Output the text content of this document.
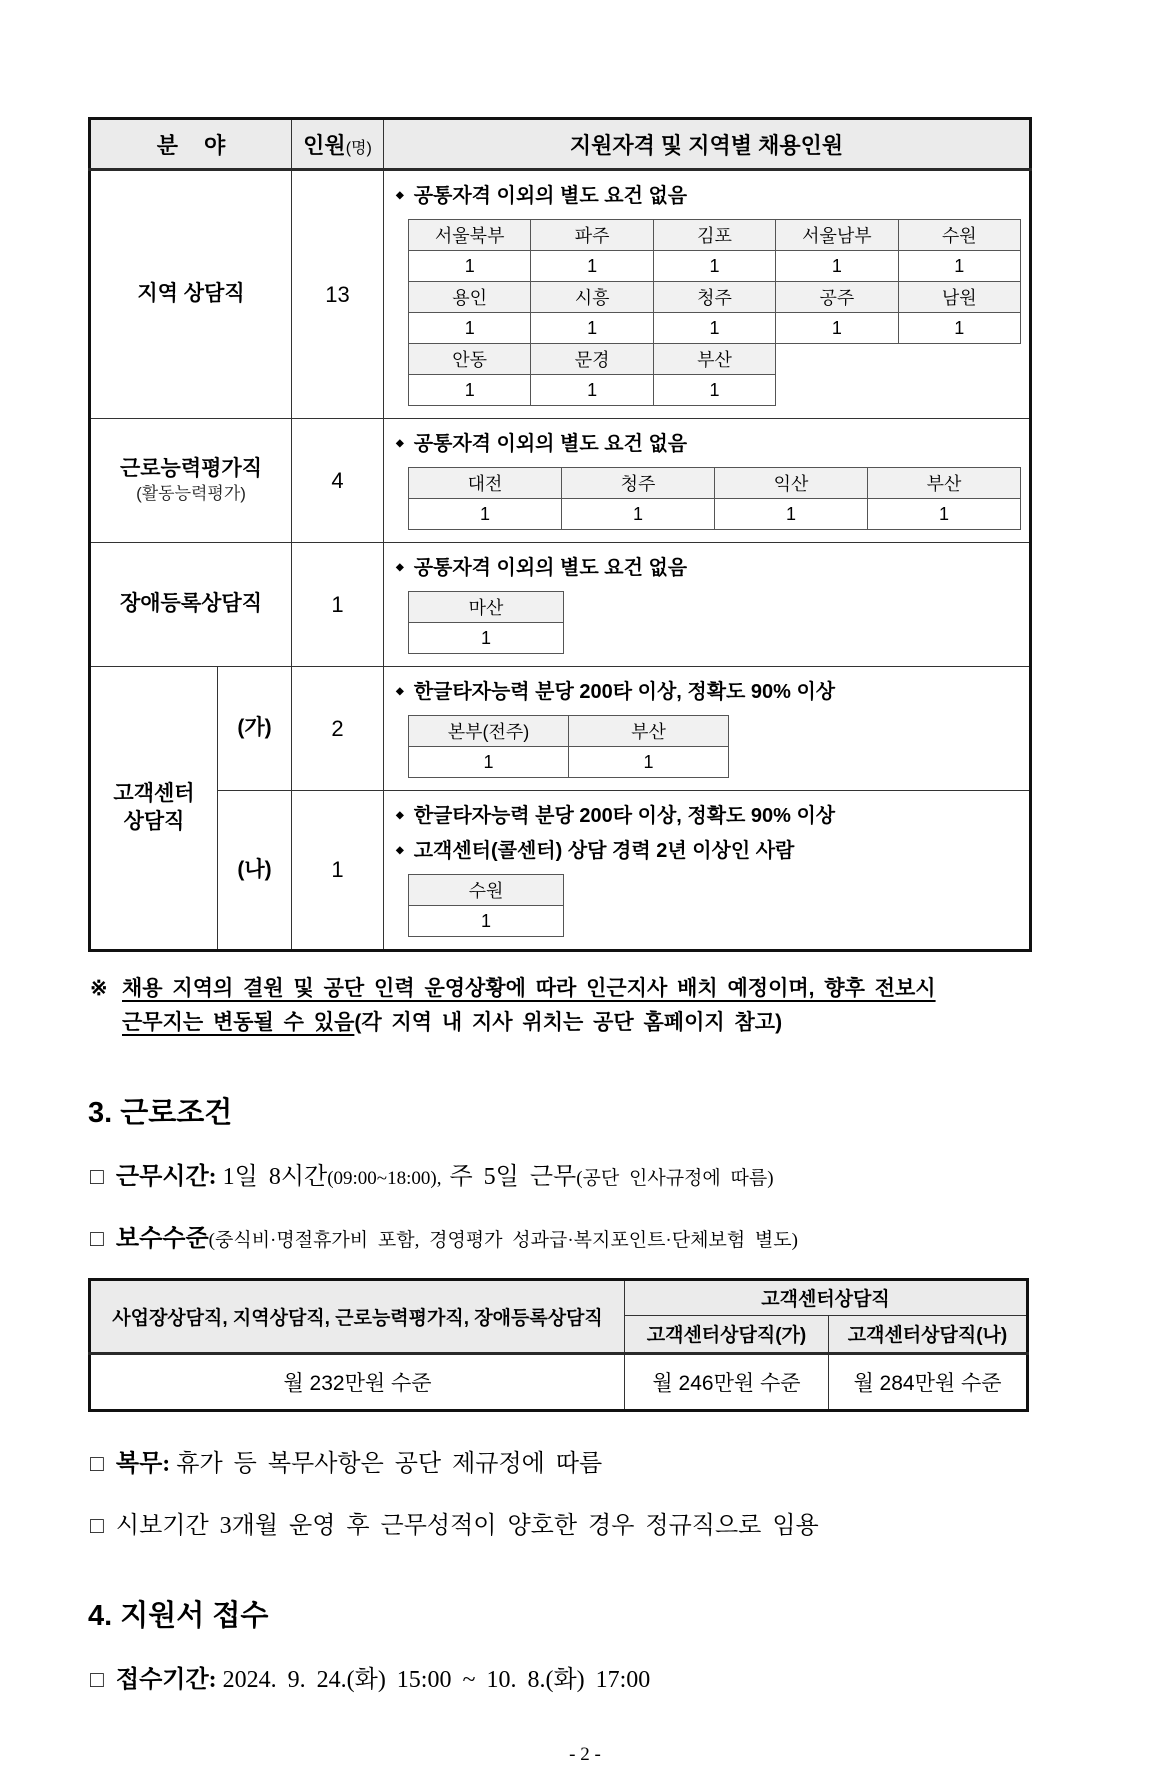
분 야	인원(명)	지원자격 및 지역별 채용인원
지역 상담직	13	
◆ 공통자격 이외의 별도 요건 없음
서울북부	파주	김포	서울남부	수원
1	1	1	1	1
용인	시흥	청주	공주	남원
1	1	1	1	1
안동	문경	부산
1	1	1

근로능력평가직
(활동능력평가)
	4	
◆ 공통자격 이외의 별도 요건 없음
대전	청주	익산	부산
1	1	1	1

장애등록상담직	1	
◆ 공통자격 이외의 별도 요건 없음
마산
1

고객센터
상담직
	(가)	2	
◆ 한글타자능력 분당 200타 이상, 정확도 90% 이상
본부(전주)	부산
1	1

(나)	1	
◆ 한글타자능력 분당 200타 이상, 정확도 90% 이상
◆ 고객센터(콜센터) 상담 경력 2년 이상인 사람
수원
1
※ 채용 지역의 결원 및 공단 인력 운영상황에 따라 인근지사 배치 예정이며, 향후 전보시
근무지는 변동될 수 있음(각 지역 내 지사 위치는 공단 홈페이지 참고)
3. 근로조건
□ 근무시간: 1일 8시간(09:00~18:00), 주 5일 근무(공단 인사규정에 따름)
□ 보수수준(중식비·명절휴가비 포함, 경영평가 성과급·복지포인트·단체보험 별도)
사업장상담직, 지역상담직, 근로능력평가직, 장애등록상담직	고객센터상담직	
	고객센터상담직(가)	고객센터상담직(나)
월 232만원 수준	월 246만원 수준	월 284만원 수준
□ 복무: 휴가 등 복무사항은 공단 제규정에 따름
□ 시보기간 3개월 운영 후 근무성적이 양호한 경우 정규직으로 임용
4. 지원서 접수
□ 접수기간: 2024. 9. 24.(화) 15:00 ~ 10. 8.(화) 17:00
- 2 -
